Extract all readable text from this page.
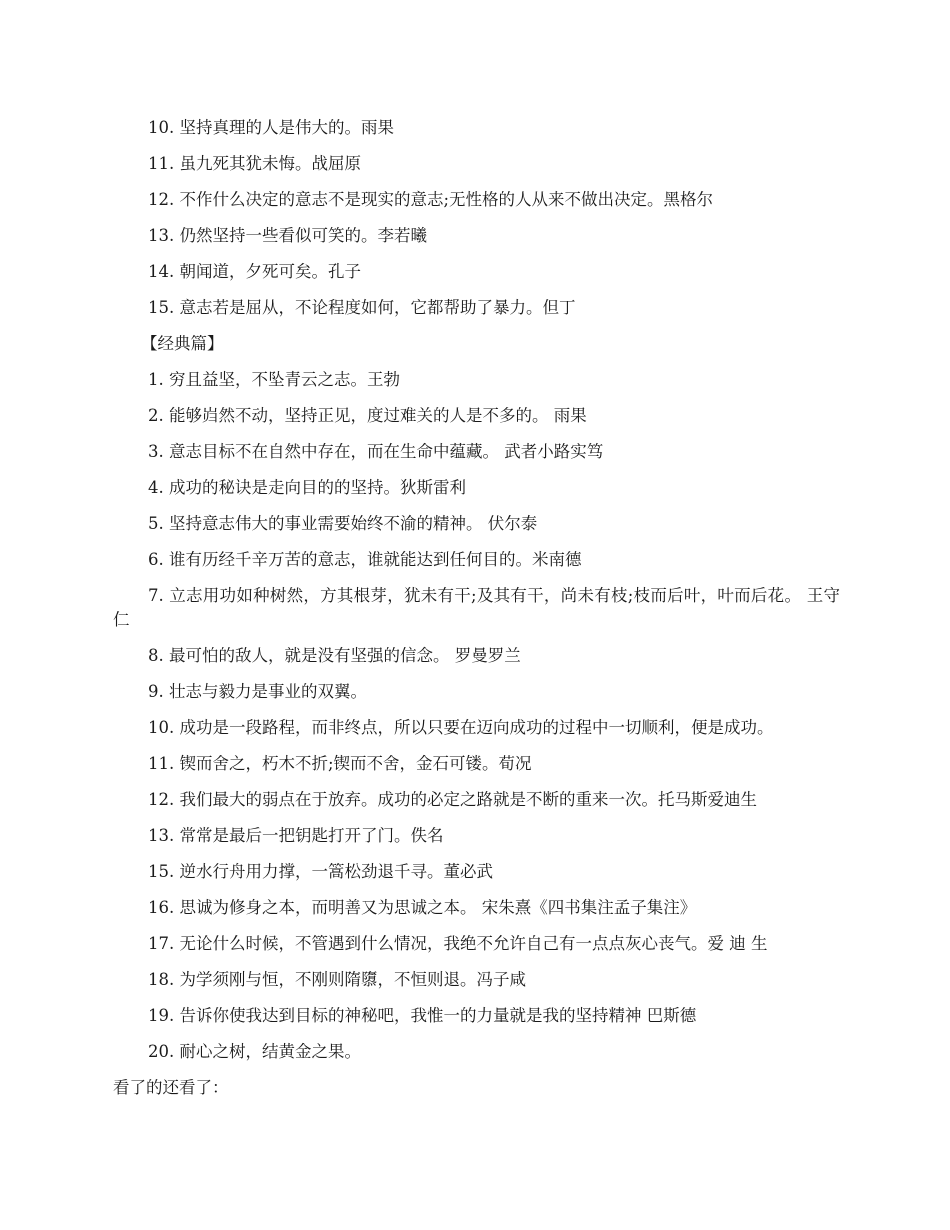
10. 坚持真理的人是伟大的。雨果

11. 虽九死其犹未悔。战屈原

12. 不作什么决定的意志不是现实的意志;无性格的人从来不做出决定。黑格尔

13. 仍然坚持一些看似可笑的。李若曦

14. 朝闻道，夕死可矣。孔子

15. 意志若是屈从，不论程度如何，它都帮助了暴力。但丁

【经典篇】

1. 穷且益坚，不坠青云之志。王勃

2. 能够岿然不动，坚持正见，度过难关的人是不多的。 雨果

3. 意志目标不在自然中存在，而在生命中蕴藏。 武者小路实笃

4. 成功的秘诀是走向目的的坚持。狄斯雷利

5. 坚持意志伟大的事业需要始终不渝的精神。 伏尔泰

6. 谁有历经千辛万苦的意志，谁就能达到任何目的。米南德

7. 立志用功如种树然，方其根芽，犹未有干;及其有干，尚未有枝;枝而后叶，叶而后花。 王守仁

8. 最可怕的敌人，就是没有坚强的信念。 罗曼罗兰

9. 壮志与毅力是事业的双翼。

10. 成功是一段路程，而非终点，所以只要在迈向成功的过程中一切顺利，便是成功。

11. 锲而舍之，朽木不折;锲而不舍，金石可镂。荀况

12. 我们最大的弱点在于放弃。成功的必定之路就是不断的重来一次。托马斯爱迪生

13. 常常是最后一把钥匙打开了门。佚名

15. 逆水行舟用力撑，一篙松劲退千寻。董必武

16. 思诚为修身之本，而明善又为思诚之本。 宋朱熹《四书集注孟子集注》

17. 无论什么时候，不管遇到什么情况，我绝不允许自己有一点点灰心丧气。爱 迪 生

18. 为学须刚与恒，不刚则隋隳，不恒则退。冯子咸

19. 告诉你使我达到目标的神秘吧，我惟一的力量就是我的坚持精神 巴斯德

20. 耐心之树，结黄金之果。

看了的还看了：
